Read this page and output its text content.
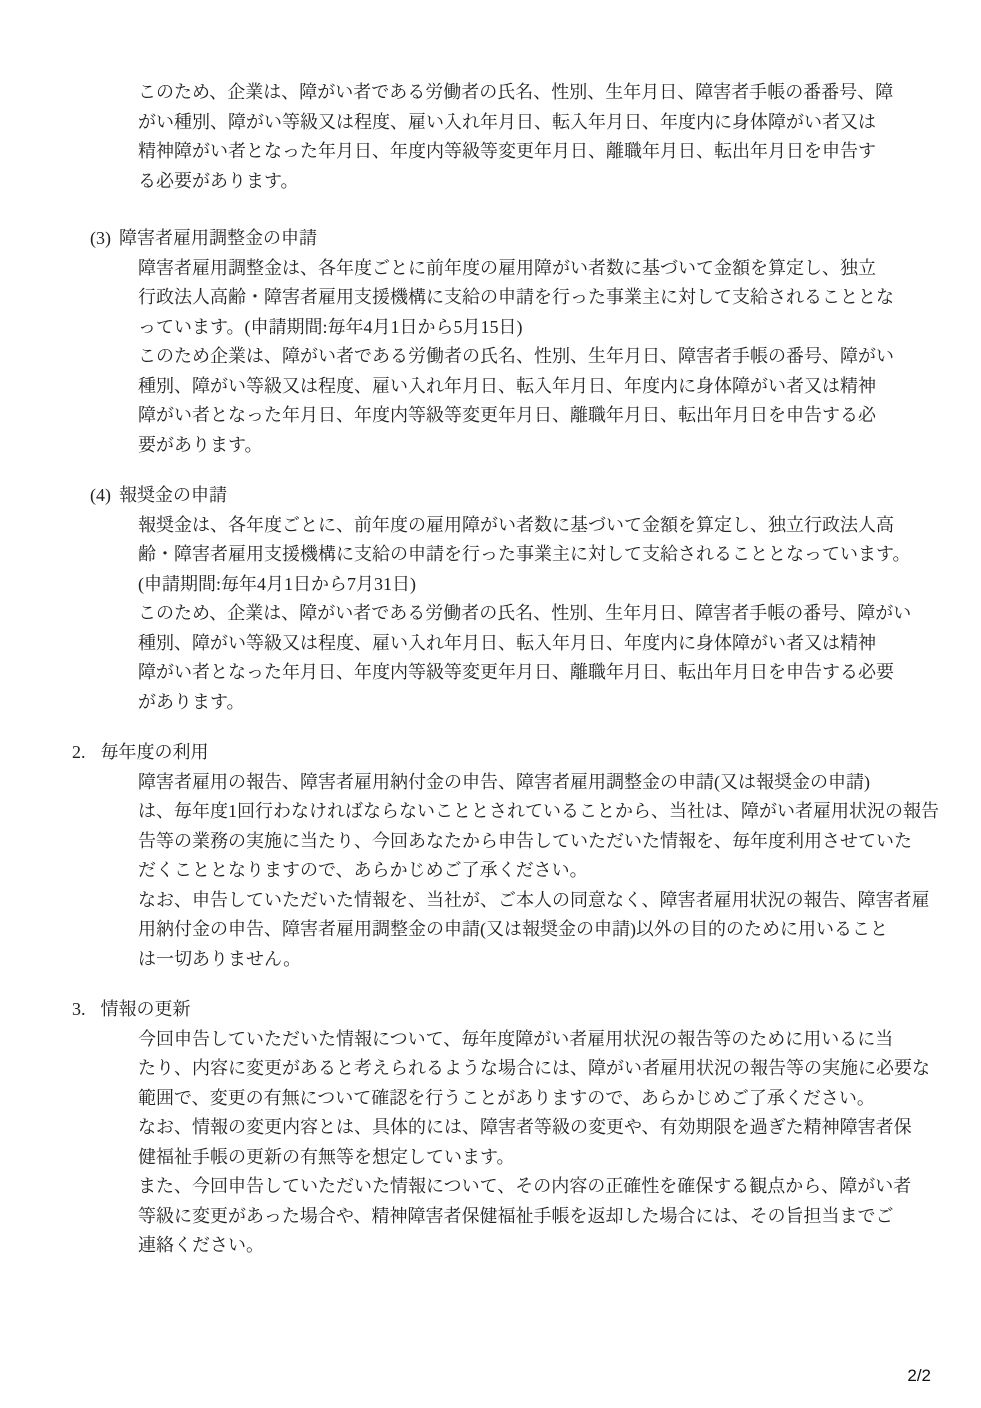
このため、企業は、障がい者である労働者の氏名、性別、生年月日、障害者手帳の番番号、障
がい種別、障がい等級又は程度、雇い入れ年月日、転入年月日、年度内に身体障がい者又は
精神障がい者となった年月日、年度内等級等変更年月日、離職年月日、転出年月日を申告す
る必要があります。
(3) 障害者雇用調整金の申請
障害者雇用調整金は、各年度ごとに前年度の雇用障がい者数に基づいて金額を算定し、独立
行政法人高齢・障害者雇用支援機構に支給の申請を行った事業主に対して支給されることとな
っています。(申請期間:毎年4月1日から5月15日)
このため企業は、障がい者である労働者の氏名、性別、生年月日、障害者手帳の番号、障がい
種別、障がい等級又は程度、雇い入れ年月日、転入年月日、年度内に身体障がい者又は精神
障がい者となった年月日、年度内等級等変更年月日、離職年月日、転出年月日を申告する必
要があります。
(4) 報奨金の申請
報奨金は、各年度ごとに、前年度の雇用障がい者数に基づいて金額を算定し、独立行政法人高
齢・障害者雇用支援機構に支給の申請を行った事業主に対して支給されることとなっています。
(申請期間:毎年4月1日から7月31日)
このため、企業は、障がい者である労働者の氏名、性別、生年月日、障害者手帳の番号、障がい
種別、障がい等級又は程度、雇い入れ年月日、転入年月日、年度内に身体障がい者又は精神
障がい者となった年月日、年度内等級等変更年月日、離職年月日、転出年月日を申告する必要
があります。
2. 毎年度の利用
障害者雇用の報告、障害者雇用納付金の申告、障害者雇用調整金の申請(又は報奨金の申請)
は、毎年度1回行わなければならないこととされていることから、当社は、障がい者雇用状況の報告
告等の業務の実施に当たり、今回あなたから申告していただいた情報を、毎年度利用させていた
だくこととなりますので、あらかじめご了承ください。
なお、申告していただいた情報を、当社が、ご本人の同意なく、障害者雇用状況の報告、障害者雇
用納付金の申告、障害者雇用調整金の申請(又は報奨金の申請)以外の目的のために用いること
は一切ありません。
3. 情報の更新
今回申告していただいた情報について、毎年度障がい者雇用状況の報告等のために用いるに当
たり、内容に変更があると考えられるような場合には、障がい者雇用状況の報告等の実施に必要な
範囲で、変更の有無について確認を行うことがありますので、あらかじめご了承ください。
なお、情報の変更内容とは、具体的には、障害者等級の変更や、有効期限を過ぎた精神障害者保
健福祉手帳の更新の有無等を想定しています。
また、今回申告していただいた情報について、その内容の正確性を確保する観点から、障がい者
等級に変更があった場合や、精神障害者保健福祉手帳を返却した場合には、その旨担当までご
連絡ください。
2/2
